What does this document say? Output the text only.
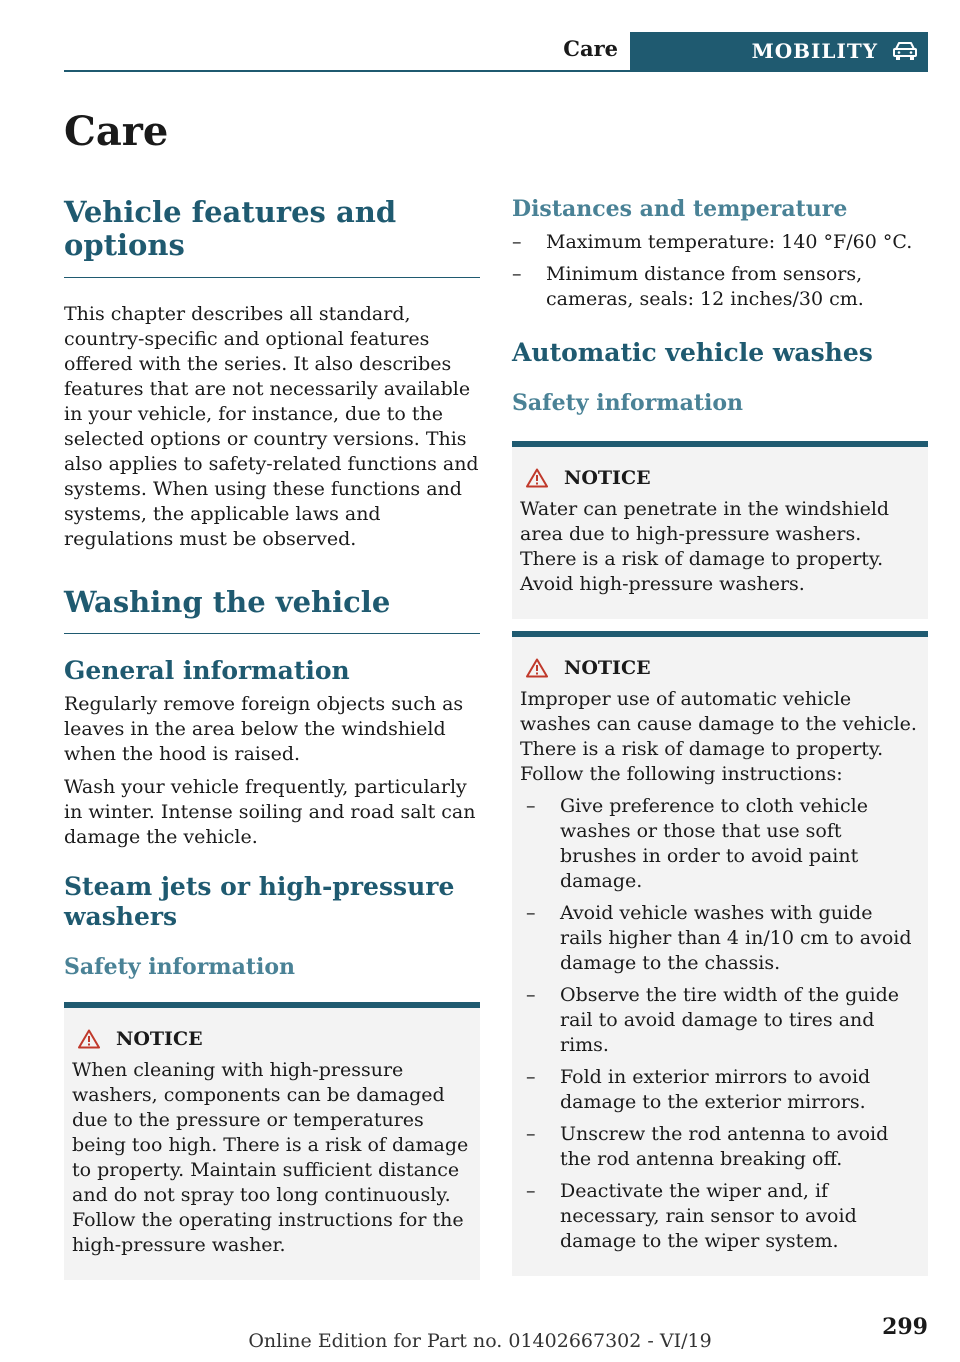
Care	MOBILITY
Care
Vehicle features and options

This chapter describes all standard, country-specific and optional features offered with the series. It also describes features that are not necessarily available in your vehicle, for instance, due to the selected options or country versions. This also applies to safety-related functions and systems. When using these functions and systems, the applicable laws and regulations must be observed.

Washing the vehicle
General information

Regularly remove foreign objects such as leaves in the area below the windshield when the hood is raised.

Wash your vehicle frequently, particularly in winter. Intense soiling and road salt can damage the vehicle.

Steam jets or high-pressure washers
Safety information
NOTICE

When cleaning with high-pressure washers, components can be damaged due to the pressure or temperatures being too high. There is a risk of damage to property. Maintain sufficient distance and do not spray too long continuously. Follow the operating instructions for the high-pressure washer.

Distances and temperature
–	Maximum temperature: 140 °F/60 °C.
–	Minimum distance from sensors, cameras, seals: 12 inches/30 cm.
Automatic vehicle washes
Safety information
NOTICE

Water can penetrate in the windshield area due to high-pressure washers. There is a risk of damage to property. Avoid high-pressure washers.

NOTICE

Improper use of automatic vehicle washes can cause damage to the vehicle. There is a risk of damage to property. Follow the following instructions:

–	Give preference to cloth vehicle washes or those that use soft brushes in order to avoid paint damage.
–	Avoid vehicle washes with guide rails higher than 4 in/10 cm to avoid damage to the chassis.
–	Observe the tire width of the guide rail to avoid damage to tires and rims.
–	Fold in exterior mirrors to avoid damage to the exterior mirrors.
–	Unscrew the rod antenna to avoid the rod antenna breaking off.
–	Deactivate the wiper and, if necessary, rain sensor to avoid damage to the wiper system.
299
Online Edition for Part no. 01402667302 - VI/19
